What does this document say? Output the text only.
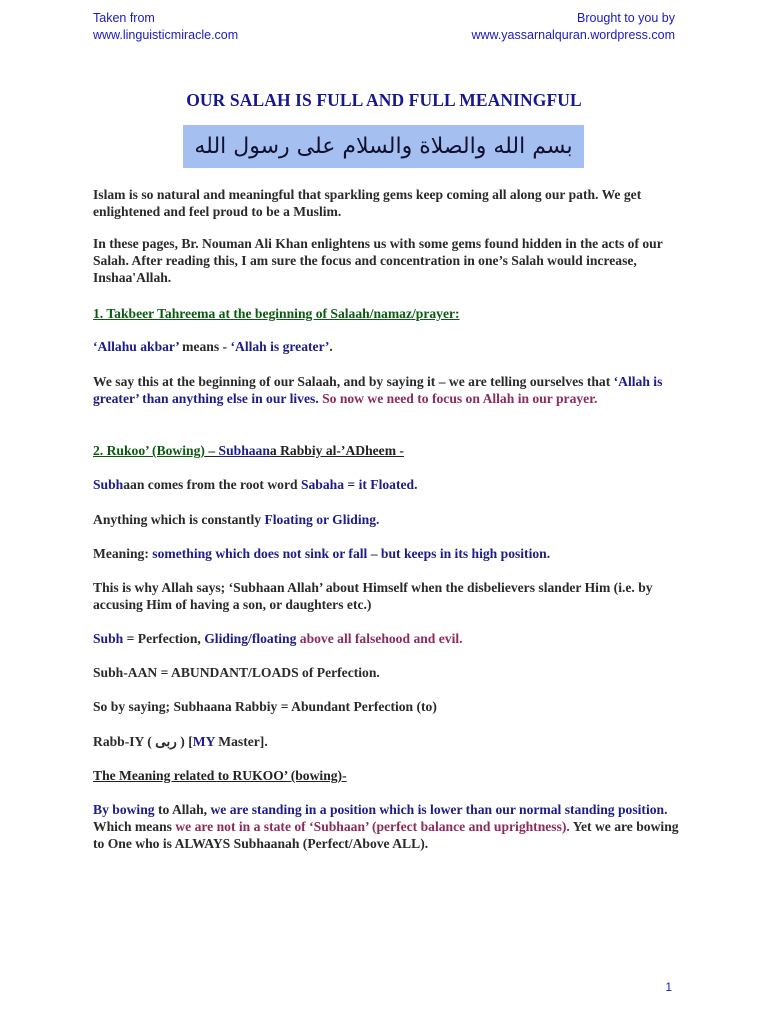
Taken from
www.linguisticmiracle.com
Brought to you by
www.yassarnalquran.wordpress.com
OUR SALAH IS FULL AND FULL MEANINGFUL
بسم الله والصلاة والسلام على رسول الله

Islam is so natural and meaningful that sparkling gems keep coming all along our path. We get enlightened and feel proud to be a Muslim.

In these pages, Br. Nouman Ali Khan enlightens us with some gems found hidden in the acts of our Salah. After reading this, I am sure the focus and concentration in one’s Salah would increase, Inshaa'Allah.

1. Takbeer Tahreema at the beginning of Salaah/namaz/prayer:

‘Allahu akbar’ means - ‘Allah is greater’.

We say this at the beginning of our Salaah, and by saying it – we are telling ourselves that ‘Allah is greater’ than anything else in our lives. So now we need to focus on Allah in our prayer.

2. Rukoo’ (Bowing) – Subhaana Rabbiy al-’ADheem -

Subhaan comes from the root word Sabaha = it Floated.

Anything which is constantly Floating or Gliding.

Meaning: something which does not sink or fall – but keeps in its high position.

This is why Allah says; ‘Subhaan Allah’ about Himself when the disbelievers slander Him (i.e. by accusing Him of having a son, or daughters etc.)

Subh = Perfection, Gliding/floating above all falsehood and evil.

Subh-AAN = ABUNDANT/LOADS of Perfection.

So by saying; Subhaana Rabbiy = Abundant Perfection (to)

Rabb-IY ( ربى ) [MY Master].

The Meaning related to RUKOO’ (bowing)-

By bowing to Allah, we are standing in a position which is lower than our normal standing position. Which means we are not in a state of ‘Subhaan’ (perfect balance and uprightness). Yet we are bowing to One who is ALWAYS Subhaanah (Perfect/Above ALL).

1
